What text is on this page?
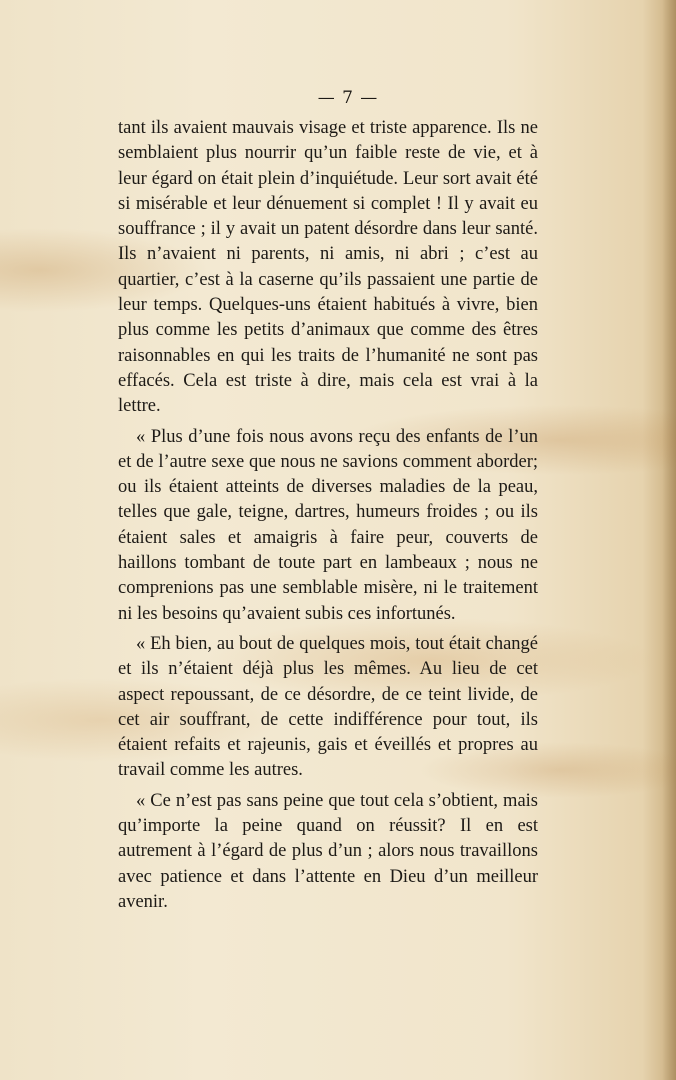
— 7 —

tant ils avaient mauvais visage et triste apparence. Ils ne semblaient plus nourrir qu’un faible reste de vie, et à leur égard on était plein d’inquiétude. Leur sort avait été si misérable et leur dénuement si complet ! Il y avait eu souffrance ; il y avait un patent désordre dans leur santé. Ils n’avaient ni parents, ni amis, ni abri ; c’est au quartier, c’est à la caserne qu’ils passaient une partie de leur temps. Quelques-uns étaient habitués à vivre, bien plus comme les petits d’animaux que comme des êtres raisonnables en qui les traits de l’humanité ne sont pas effacés. Cela est triste à dire, mais cela est vrai à la lettre.

« Plus d’une fois nous avons reçu des enfants de l’un et de l’autre sexe que nous ne savions comment aborder; ou ils étaient atteints de diverses maladies de la peau, telles que gale, teigne, dartres, humeurs froides ; ou ils étaient sales et amaigris à faire peur, couverts de haillons tombant de toute part en lambeaux ; nous ne comprenions pas une semblable misère, ni le traitement ni les besoins qu’avaient subis ces infortunés.

« Eh bien, au bout de quelques mois, tout était changé et ils n’étaient déjà plus les mêmes. Au lieu de cet aspect repoussant, de ce désordre, de ce teint livide, de cet air souffrant, de cette indifférence pour tout, ils étaient refaits et rajeunis, gais et éveillés et propres au travail comme les autres.

« Ce n’est pas sans peine que tout cela s’obtient, mais qu’importe la peine quand on réussit? Il en est autrement à l’égard de plus d’un ; alors nous travaillons avec patience et dans l’attente en Dieu d’un meilleur avenir.
